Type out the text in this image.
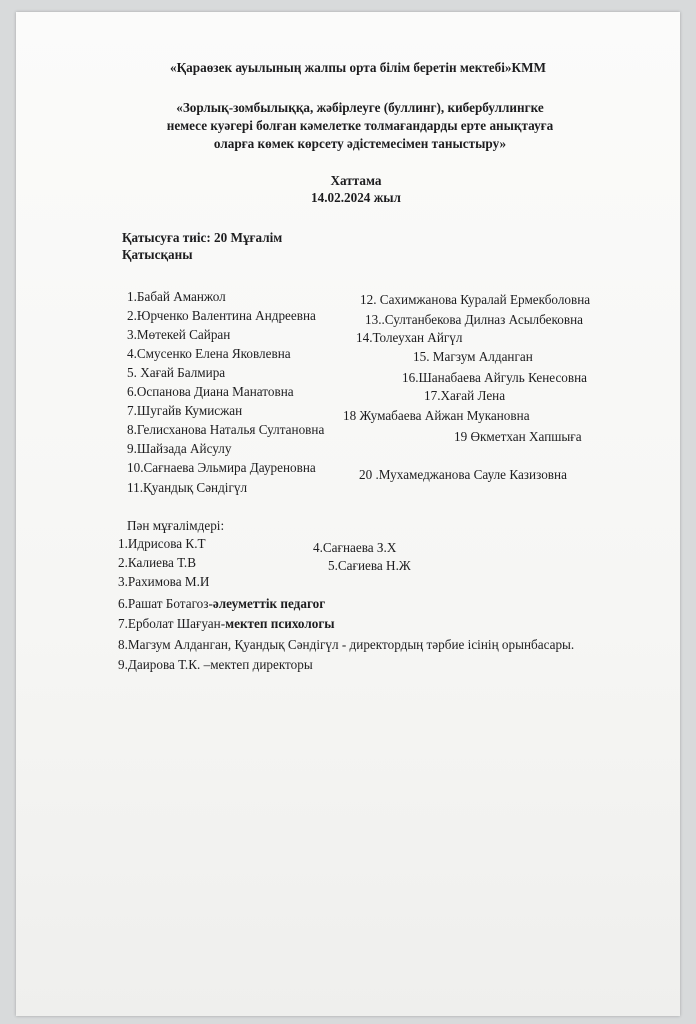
«Қараөзек ауылының жалпы орта білім беретін мектебі»КММ
«Зорлық-зомбылыққа, жәбірлеуге (буллинг), кибербуллингке
немесе куәгері болған кәмелетке толмағандарды ерте анықтауға
оларға көмек көрсету әдістемесімен таныстыру»
Хаттама
14.02.2024 жыл
Қатысуға тиіс: 20 Мұғалім
Қатысқаны
1.Бабай Аманжол
2.Юрченко Валентина Андреевна
3.Мөтекей Сайран
4.Смусенко Елена Яковлевна
5. Хағай Балмира
6.Оспанова Диана Манатовна
7.Шугайв Кумисжан
8.Гелисханова Наталья Султановна
9.Шайзада Айсулу
10.Сағнаева Эльмира Дауреновна
11.Қуандық Сәндігүл
12. Сахимжанова Куралай Ермекболовна
13..Султанбекова Дилназ Асылбековна
14.Толеухан Айгүл
15. Магзум Алданган
16.Шанабаева Айгуль Кенесовна
17.Хағай Лена
18 Жумабаева Айжан Мукановна
19 Өкметхан Хапшыға
20 .Мухамеджанова Сауле Казизовна
Пән мұғалімдері:
1.Идрисова К.Т	4.Сағнаева З.Х
2.Калиева Т.В	5.Сағиева Н.Ж
3.Рахимова М.И
6.Рашат Ботагоз-әлеуметтік педагог
7.Ерболат Шағуан-мектеп психологы
8.Магзум Алданган, Қуандық Сәндігүл - директордың тәрбие ісінің орынбасары.
9.Даирова Т.К. –мектеп директоры
